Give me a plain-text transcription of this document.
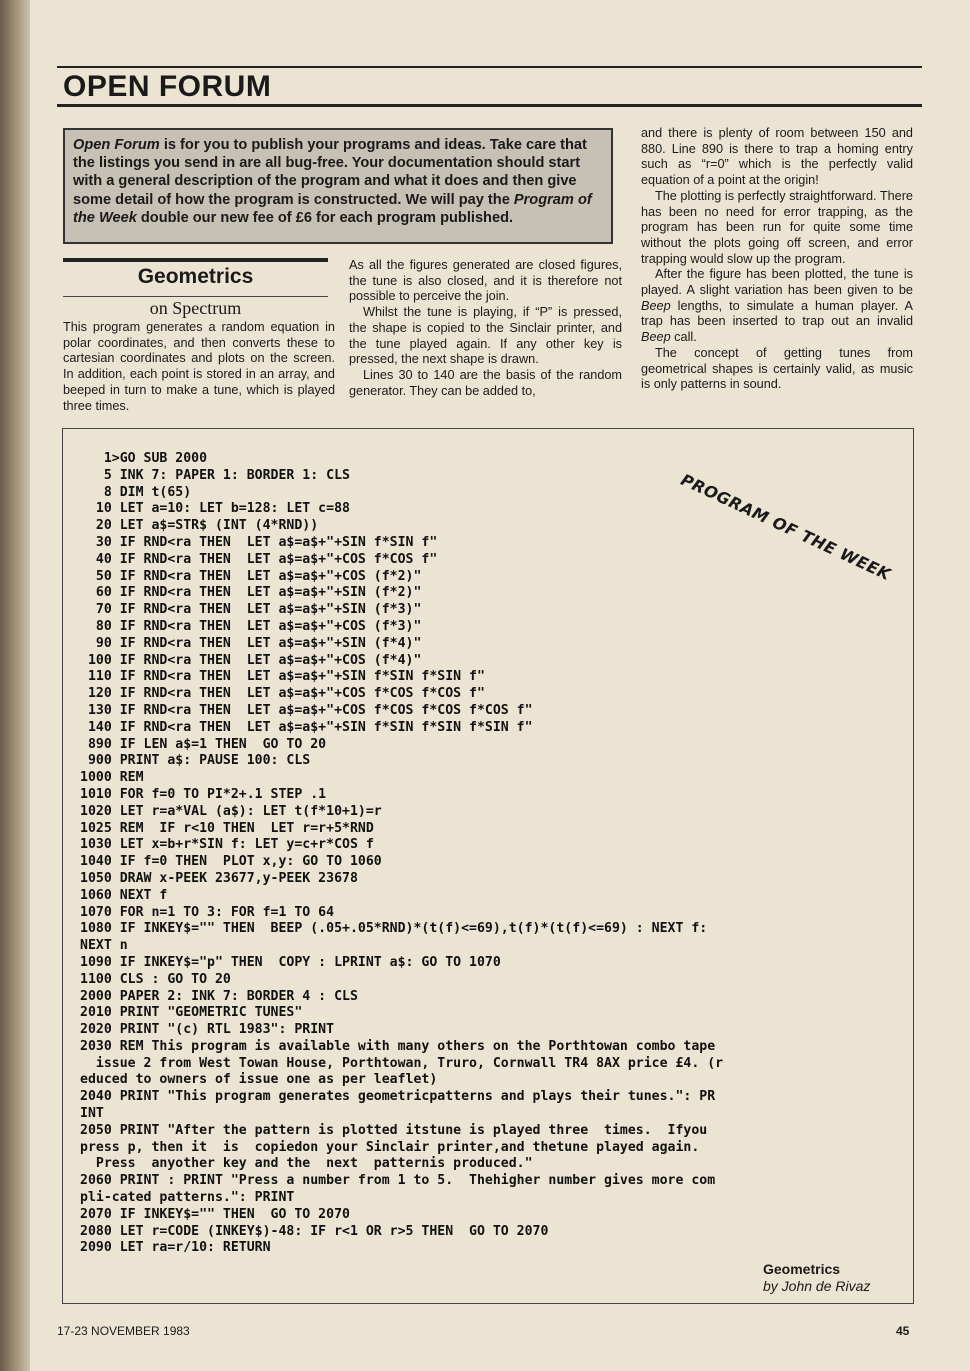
OPEN FORUM
Open Forum is for you to publish your programs and ideas. Take care that the listings you send in are all bug-free. Your documentation should start with a general description of the program and what it does and then give some detail of how the program is constructed. We will pay the Program of the Week double our new fee of £6 for each program published.
Geometrics
on Spectrum

This program generates a random equation in polar coordinates, and then converts these to cartesian coordinates and plots on the screen. In addition, each point is stored in an array, and beeped in turn to make a tune, which is played three times.

As all the figures generated are closed figures, the tune is also closed, and it is therefore not possible to perceive the join.

Whilst the tune is playing, if “P” is pressed, the shape is copied to the Sinclair printer, and the tune played again. If any other key is pressed, the next shape is drawn.

Lines 30 to 140 are the basis of the random generator. They can be added to,

and there is plenty of room between 150 and 880. Line 890 is there to trap a homing entry such as “r=0” which is the perfectly valid equation of a point at the origin!

The plotting is perfectly straightforward. There has been no need for error trapping, as the program has been run for quite some time without the plots going off screen, and error trapping would slow up the program.

After the figure has been plotted, the tune is played. A slight variation has been given to be Beep lengths, to simulate a human player. A trap has been inserted to trap out an invalid Beep call.

The concept of getting tunes from geometrical shapes is certainly valid, as music is only patterns in sound.

1>GO SUB 2000
5 INK 7: PAPER 1: BORDER 1: CLS
8 DIM t(65)
10 LET a=10: LET b=128: LET c=88
20 LET a$=STR$ (INT (4*RND))
30 IF RND<ra THEN  LET a$=a$+"+SIN f*SIN f"
40 IF RND<ra THEN  LET a$=a$+"+COS f*COS f"
50 IF RND<ra THEN  LET a$=a$+"+COS (f*2)"
60 IF RND<ra THEN  LET a$=a$+"+SIN (f*2)"
70 IF RND<ra THEN  LET a$=a$+"+SIN (f*3)"
80 IF RND<ra THEN  LET a$=a$+"+COS (f*3)"
90 IF RND<ra THEN  LET a$=a$+"+SIN (f*4)"
100 IF RND<ra THEN  LET a$=a$+"+COS (f*4)"
110 IF RND<ra THEN  LET a$=a$+"+SIN f*SIN f*SIN f"
120 IF RND<ra THEN  LET a$=a$+"+COS f*COS f*COS f"
130 IF RND<ra THEN  LET a$=a$+"+COS f*COS f*COS f*COS f"
140 IF RND<ra THEN  LET a$=a$+"+SIN f*SIN f*SIN f*SIN f"
890 IF LEN a$=1 THEN  GO TO 20
900 PRINT a$: PAUSE 100: CLS
1000 REM
1010 FOR f=0 TO PI*2+.1 STEP .1
1020 LET r=a*VAL (a$): LET t(f*10+1)=r
1025 REM  IF r<10 THEN  LET r=r+5*RND
1030 LET x=b+r*SIN f: LET y=c+r*COS f
1040 IF f=0 THEN  PLOT x,y: GO TO 1060
1050 DRAW x-PEEK 23677,y-PEEK 23678
1060 NEXT f
1070 FOR n=1 TO 3: FOR f=1 TO 64
1080 IF INKEY$="" THEN  BEEP (.05+.05*RND)*(t(f)<=69),t(f)*(t(f)<=69) : NEXT f:
NEXT n
1090 IF INKEY$="p" THEN  COPY : LPRINT a$: GO TO 1070
1100 CLS : GO TO 20
2000 PAPER 2: INK 7: BORDER 4 : CLS
2010 PRINT "GEOMETRIC TUNES"
2020 PRINT "(c) RTL 1983": PRINT
2030 REM This program is available with many others on the Porthtowan combo tape
issue 2 from West Towan House, Porthtowan, Truro, Cornwall TR4 8AX price £4. (r
educed to owners of issue one as per leaflet)
2040 PRINT "This program generates geometricpatterns and plays their tunes.": PR
INT
2050 PRINT "After the pattern is plotted itstune is played three  times.  Ifyou
press p, then it  is  copiedon your Sinclair printer,and thetune played again.
Press  anyother key and the  next  patternis produced."
2060 PRINT : PRINT "Press a number from 1 to 5.  Thehigher number gives more com
pli-cated patterns.": PRINT
2070 IF INKEY$="" THEN  GO TO 2070
2080 LET r=CODE (INKEY$)-48: IF r<1 OR r>5 THEN  GO TO 2070
2090 LET ra=r/10: RETURN
PROGRAM OF THE WEEK
Geometrics
by John de Rivaz
17-23 NOVEMBER 1983	45
